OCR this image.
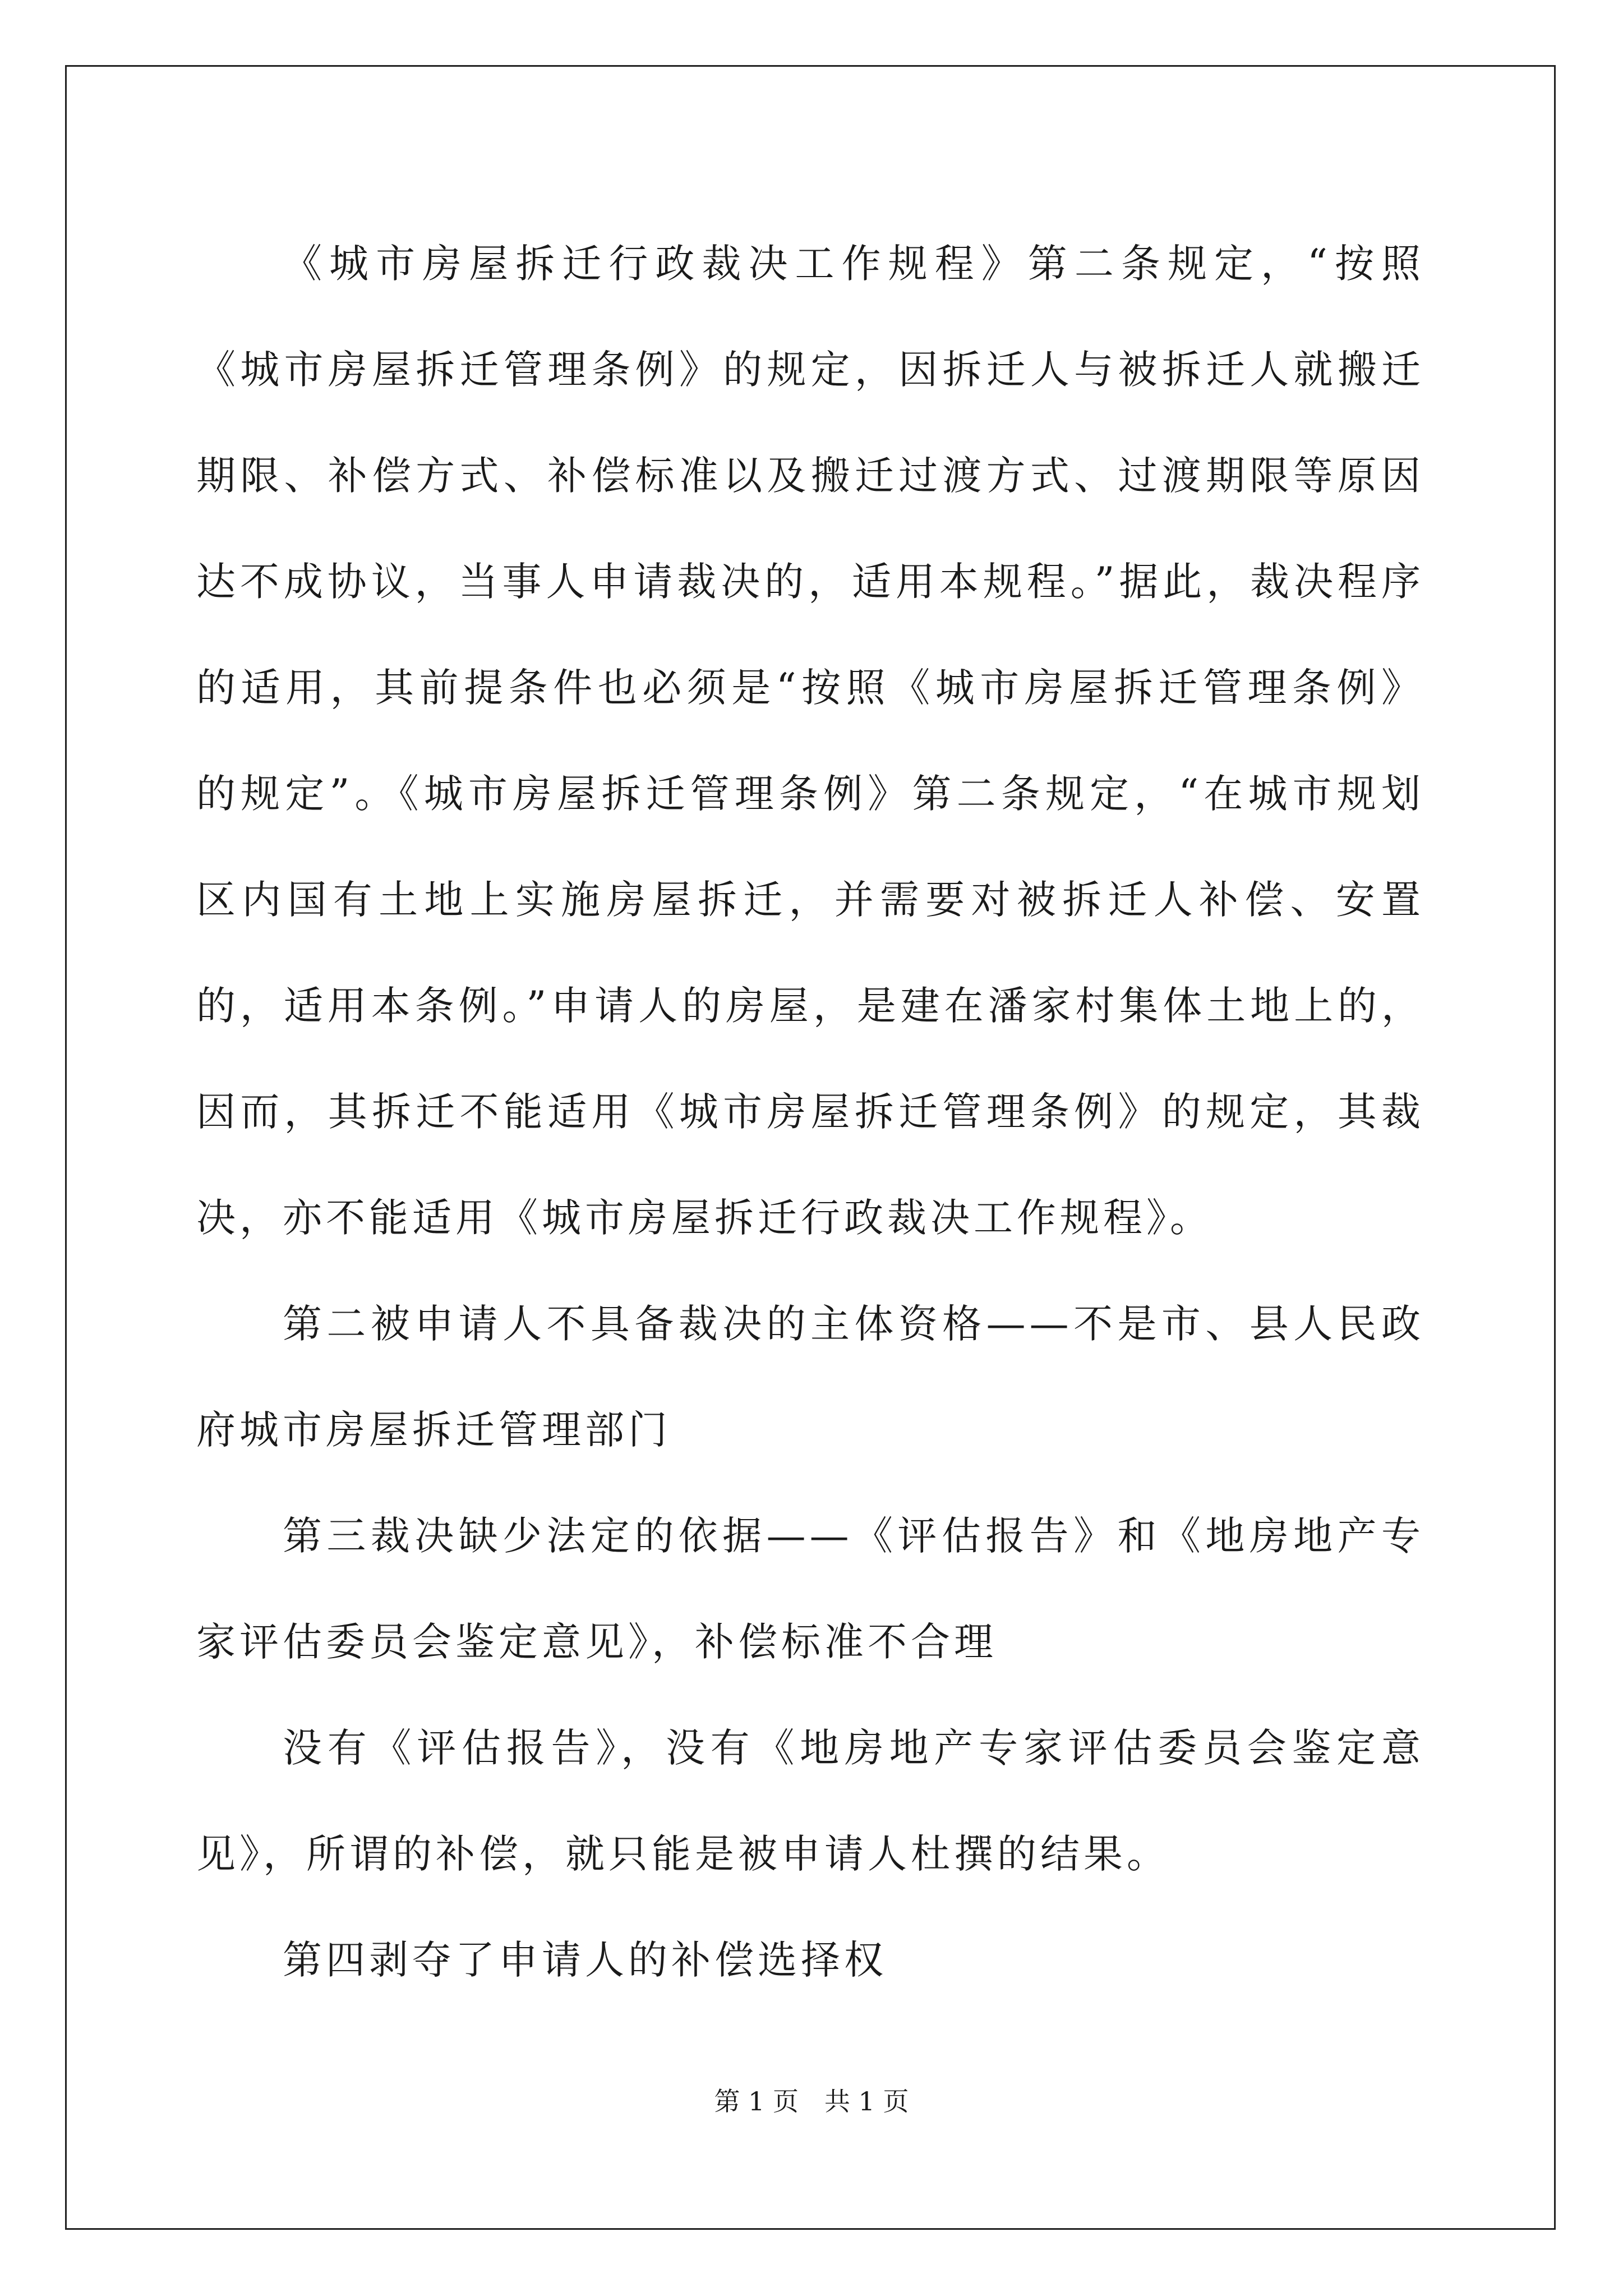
《城市房屋拆迁行政裁决工作规程》第二条规定，“按照《城市房屋拆迁管理条例》的规定，因拆迁人与被拆迁人就搬迁期限、补偿方式、补偿标准以及搬迁过渡方式、过渡期限等原因达不成协议，当事人申请裁决的，适用本规程。”据此，裁决程序的适用，其前提条件也必须是“按照《城市房屋拆迁管理条例》的规定”。《城市房屋拆迁管理条例》第二条规定，“在城市规划区内国有土地上实施房屋拆迁，并需要对被拆迁人补偿、安置的，适用本条例。”申请人的房屋，是建在潘家村集体土地上的，因而，其拆迁不能适用《城市房屋拆迁管理条例》的规定，其裁决，亦不能适用《城市房屋拆迁行政裁决工作规程》。

第二被申请人不具备裁决的主体资格——不是市、县人民政府城市房屋拆迁管理部门

第三裁决缺少法定的依据——《评估报告》和《地房地产专家评估委员会鉴定意见》，补偿标准不合理

没有《评估报告》，没有《地房地产专家评估委员会鉴定意见》，所谓的补偿，就只能是被申请人杜撰的结果。

第四剥夺了申请人的补偿选择权

第 1 页 共 1 页
